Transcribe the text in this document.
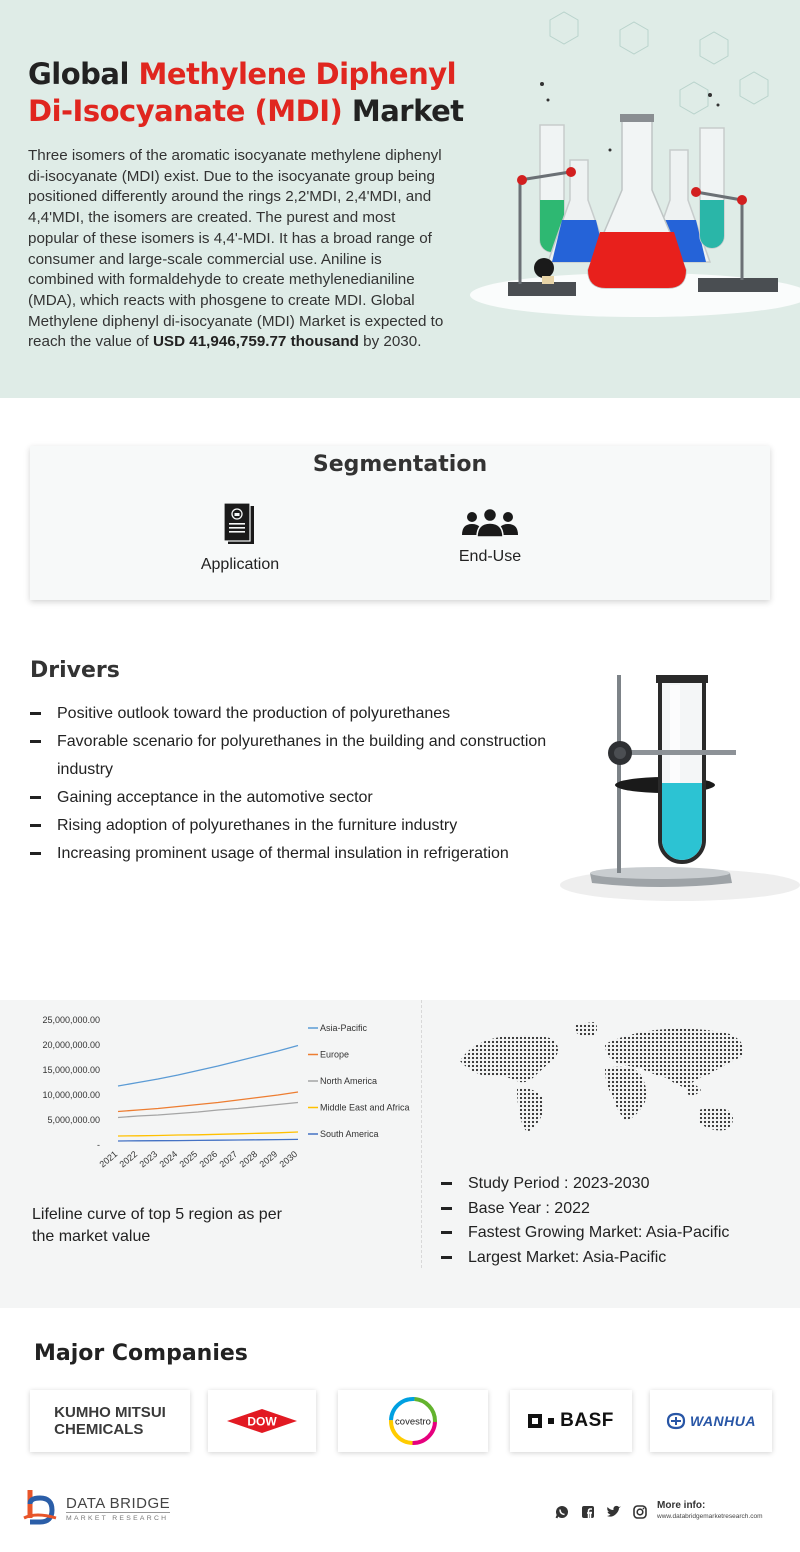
Global Methylene Diphenyl Di-Isocyanate (MDI) Market

Three isomers of the aromatic isocyanate methylene diphenyl di-isocyanate (MDI) exist. Due to the isocyanate group being positioned differently around the rings 2,2'MDI, 2,4'MDI, and 4,4'MDI, the isomers are created. The purest and most popular of these isomers is 4,4'-MDI. It has a broad range of consumer and large-scale commercial use. Aniline is combined with formaldehyde to create methylenedianiline (MDA), which reacts with phosgene to create MDI. Global Methylene diphenyl di-isocyanate (MDI) Market is expected to reach the value of USD 41,946,759.77 thousand by 2030.

Segmentation
Application	End-Use
Drivers
Positive outlook toward the production of polyurethanes
Favorable scenario for polyurethanes in the building and construction industry
Gaining acceptance in the automotive sector
Rising adoption of polyurethanes in the furniture industry
Increasing prominent usage of thermal insulation in refrigeration
-
5,000,000.00
10,000,000.00
15,000,000.00
20,000,000.00
25,000,000.00
2021
2022
2023
2024
2025
2026
2027
2028
2029
2030
Asia-Pacific
Europe
North America
Middle East and Africa
South America

Lifeline curve of top 5 region as per the market value

Study Period : 2023-2030
Base Year : 2022
Fastest Growing Market: Asia-Pacific
Largest Market: Asia-Pacific
Major Companies
KUMHO MITSUI
CHEMICALS	DOW	covestro	BASF	WANHUA
DATA BRIDGE
MARKET RESEARCH
More info:
www.databridgemarketresearch.com
